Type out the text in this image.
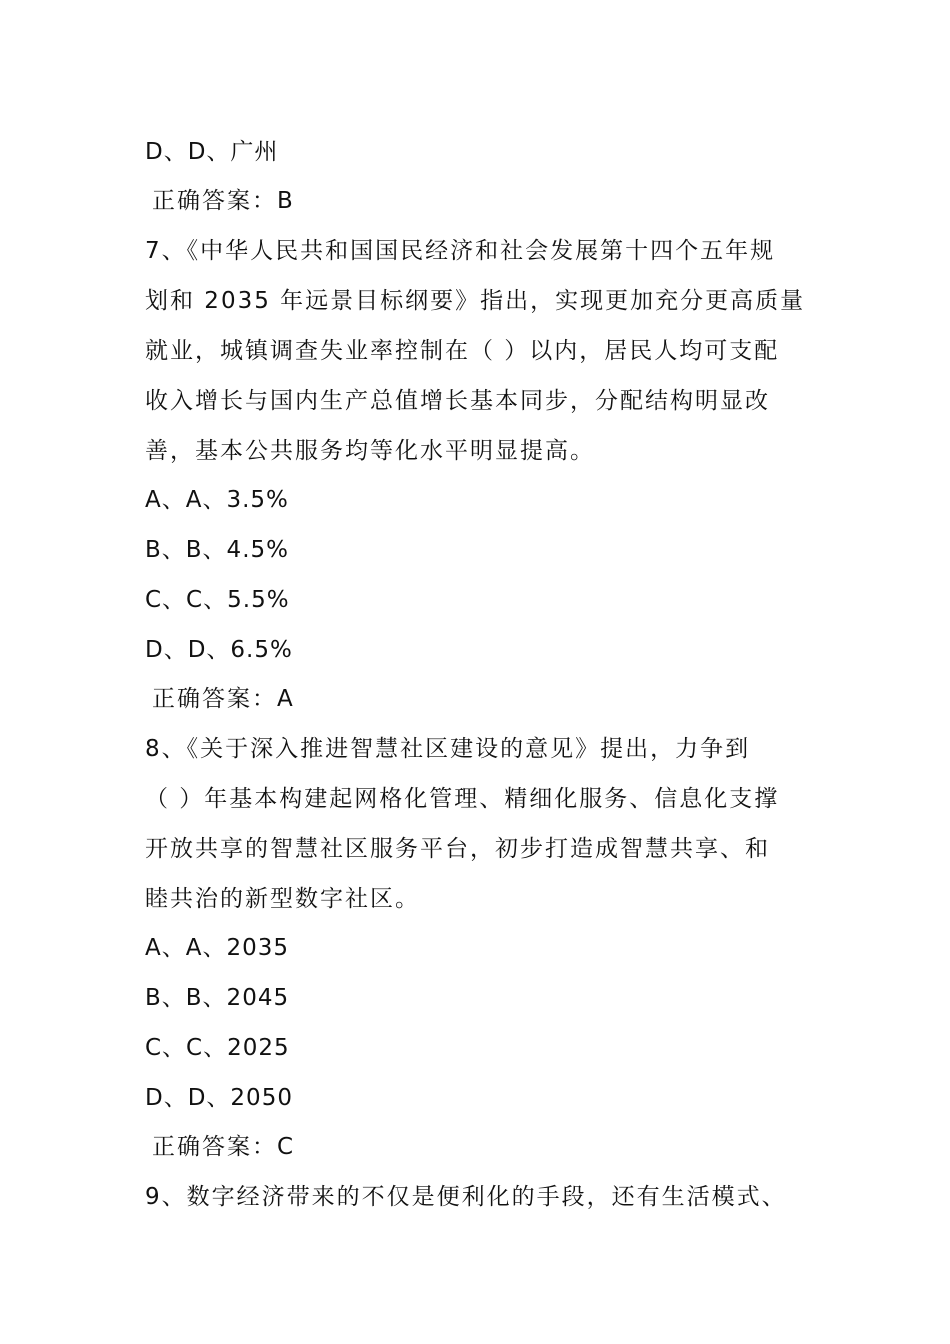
D、D、广州
正确答案：B
7、《中华人民共和国国民经济和社会发展第十四个五年规
划和 2035 年远景目标纲要》指出，实现更加充分更高质量
就业，城镇调查失业率控制在（ ）以内，居民人均可支配
收入增长与国内生产总值增长基本同步，分配结构明显改
善，基本公共服务均等化水平明显提高。
A、A、3.5%
B、B、4.5%
C、C、5.5%
D、D、6.5%
正确答案：A
8、《关于深入推进智慧社区建设的意见》提出，力争到
（ ）年基本构建起网格化管理、精细化服务、信息化支撑
开放共享的智慧社区服务平台，初步打造成智慧共享、和
睦共治的新型数字社区。
A、A、2035
B、B、2045
C、C、2025
D、D、2050
正确答案：C
9、数字经济带来的不仅是便利化的手段，还有生活模式、
